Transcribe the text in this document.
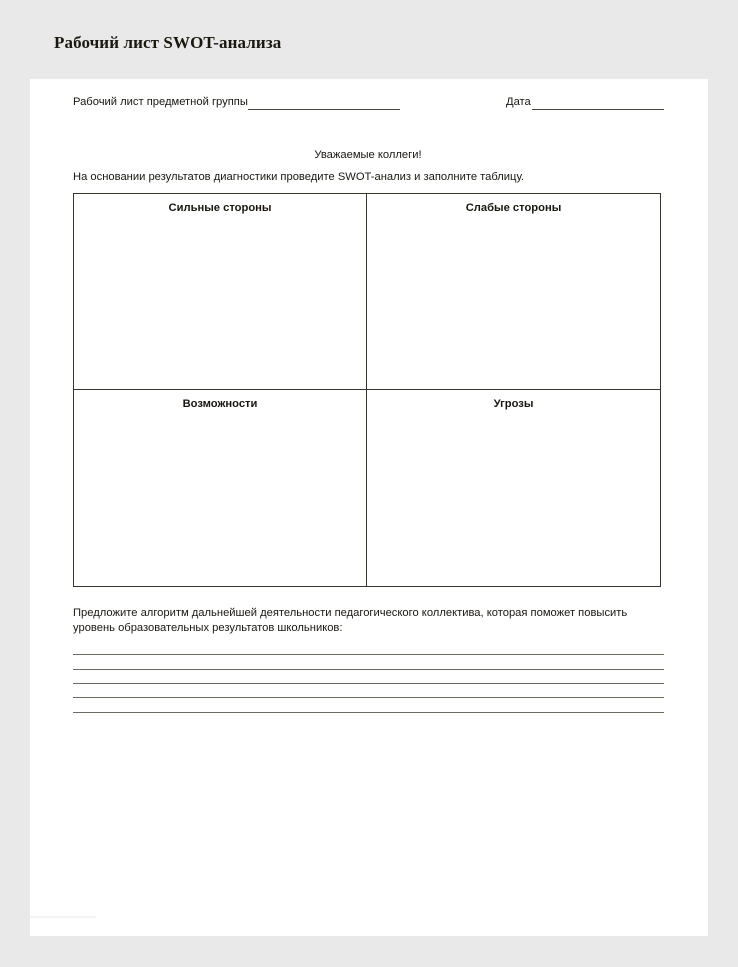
Рабочий лист SWOT-анализа
Рабочий лист предметной группы	Дата
Уважаемые коллеги!
На основании результатов диагностики проведите SWOT-анализ и заполните таблицу.
Сильные стороны	Слабые стороны
Возможности	Угрозы
Предложите алгоритм дальнейшей деятельности педагогического коллектива, которая поможет повысить уровень образовательных результатов школьников:
